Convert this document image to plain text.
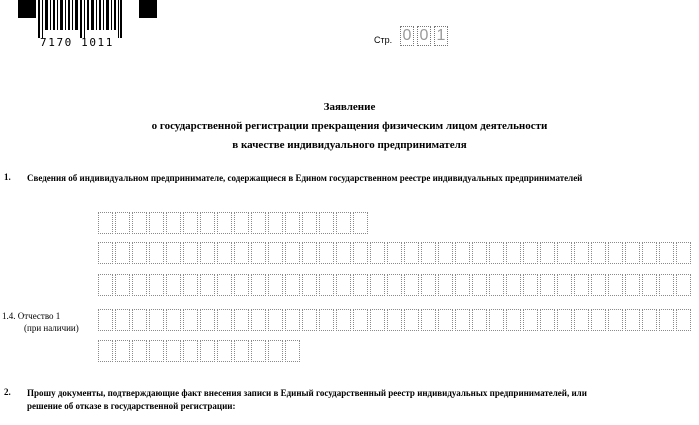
7170 1011	Стр. 0 0 1
Заявление
о государственной регистрации прекращения физическим лицом деятельности
в качестве индивидуального предпринимателя
1. Сведения об индивидуальном предпринимателе, содержащиеся в Едином государственном реестре индивидуальных предпринимателей
1.4. Отчество 1
(при наличии)
2. Прошу документы, подтверждающие факт внесения записи в Единый государственный реестр индивидуальных предпринимателей, или решение об отказе в государственной регистрации:
